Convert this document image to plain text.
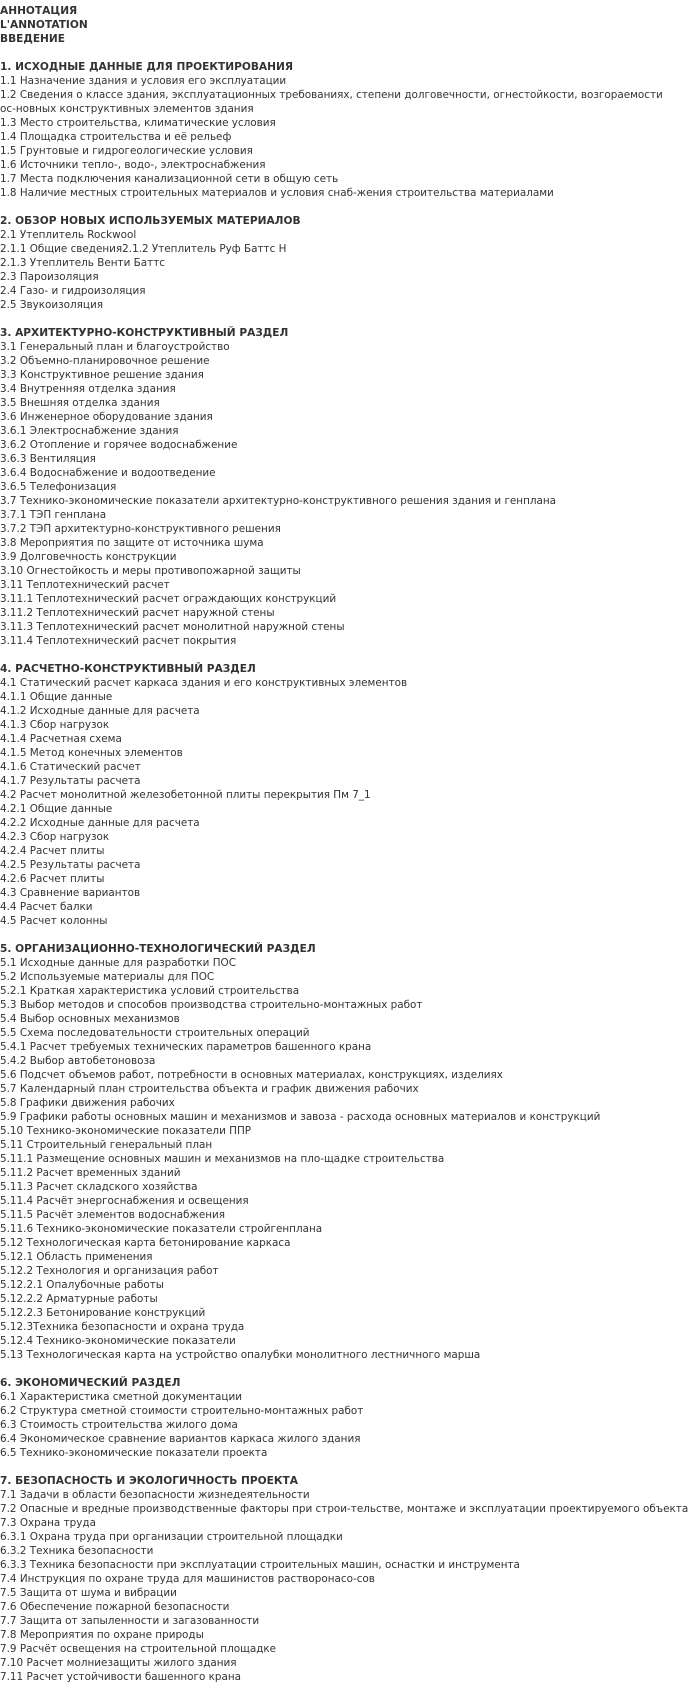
АННОТАЦИЯ
L'ANNOTATION
ВВЕДЕНИЕ
1. ИСХОДНЫЕ ДАННЫЕ ДЛЯ ПРОЕКТИРОВАНИЯ
1.1 Назначение здания и условия его эксплуатации
1.2 Сведения о классе здания, эксплуатационных требованиях, степени долговечности, огнестойкости, возгораемости
ос-новных конструктивных элементов здания
1.3 Место строительства, климатические условия
1.4 Площадка строительства и её рельеф
1.5 Грунтовые и гидрогеологические условия
1.6 Источники тепло-, водо-, электроснабжения
1.7 Места подключения канализационной сети в общую сеть
1.8 Наличие местных строительных материалов и условия снаб-жения строительства материалами
2. ОБЗОР НОВЫХ ИСПОЛЬЗУЕМЫХ МАТЕРИАЛОВ
2.1 Утеплитель Rockwool
2.1.1 Общие сведения2.1.2 Утеплитель Руф Баттс Н
2.1.3 Утеплитель Венти Баттс
2.3 Пароизоляция
2.4 Газо- и гидроизоляция
2.5 Звукоизоляция
3. АРХИТЕКТУРНО-КОНСТРУКТИВНЫЙ РАЗДЕЛ
3.1 Генеральный план и благоустройство
3.2 Объемно-планировочное решение
3.3 Конструктивное решение здания
3.4 Внутренняя отделка здания
3.5 Внешняя отделка здания
3.6 Инженерное оборудование здания
3.6.1 Электроснабжение здания
3.6.2 Отопление и горячее водоснабжение
3.6.3 Вентиляция
3.6.4 Водоснабжение и водоотведение
3.6.5 Телефонизация
3.7 Технико-экономические показатели архитектурно-конструктивного решения здания и генплана
3.7.1 ТЭП генплана
3.7.2 ТЭП архитектурно-конструктивного решения
3.8 Мероприятия по защите от источника шума
3.9 Долговечность конструкции
3.10 Огнестойкость и меры противопожарной защиты
3.11 Теплотехнический расчет
3.11.1 Теплотехнический расчет ограждающих конструкций
3.11.2 Теплотехнический расчет наружной стены
3.11.3 Теплотехнический расчет монолитной наружной стены
3.11.4 Теплотехнический расчет покрытия
4. РАСЧЕТНО-КОНСТРУКТИВНЫЙ РАЗДЕЛ
4.1 Статический расчет каркаса здания и его конструктивных элементов
4.1.1 Общие данные
4.1.2 Исходные данные для расчета
4.1.3 Сбор нагрузок
4.1.4 Расчетная схема
4.1.5 Метод конечных элементов
4.1.6 Статический расчет
4.1.7 Результаты расчета
4.2 Расчет монолитной железобетонной плиты перекрытия Пм 7_1
4.2.1 Общие данные
4.2.2 Исходные данные для расчета
4.2.3 Сбор нагрузок
4.2.4 Расчет плиты
4.2.5 Результаты расчета
4.2.6 Расчет плиты
4.3 Сравнение вариантов
4.4 Расчет балки
4.5 Расчет колонны
5. ОРГАНИЗАЦИОННО-ТЕХНОЛОГИЧЕСКИЙ РАЗДЕЛ
5.1 Исходные данные для разработки ПОС
5.2 Используемые материалы для ПОС
5.2.1 Краткая характеристика условий строительства
5.3 Выбор методов и способов производства строительно-монтажных работ
5.4 Выбор основных механизмов
5.5 Схема последовательности строительных операций
5.4.1 Расчет требуемых технических параметров башенного крана
5.4.2 Выбор автобетоновоза
5.6 Подсчет объемов работ, потребности в основных материалах, конструкциях, изделиях
5.7 Календарный план строительства объекта и график движения рабочих
5.8 Графики движения рабочих
5.9 Графики работы основных машин и механизмов и завоза - расхода основных материалов и конструкций
5.10 Технико-экономические показатели ППР
5.11 Строительный генеральный план
5.11.1 Размещение основных машин и механизмов на пло-щадке строительства
5.11.2 Расчет временных зданий
5.11.3 Расчет складского хозяйства
5.11.4 Расчёт энергоснабжения и освещения
5.11.5 Расчёт элементов водоснабжения
5.11.6 Технико-экономические показатели стройгенплана
5.12 Технологическая карта бетонирование каркаса
5.12.1 Область применения
5.12.2 Технология и организация работ
5.12.2.1 Опалубочные работы
5.12.2.2 Арматурные работы
5.12.2.3 Бетонирование конструкций
5.12.3Техника безопасности и охрана труда
5.12.4 Технико-экономические показатели
5.13 Технологическая карта на устройство опалубки монолитного лестничного марша
6. ЭКОНОМИЧЕСКИЙ РАЗДЕЛ
6.1 Характеристика сметной документации
6.2 Структура сметной стоимости строительно-монтажных работ
6.3 Стоимость строительства жилого дома
6.4 Экономическое сравнение вариантов каркаса жилого здания
6.5 Технико-экономические показатели проекта
7. БЕЗОПАСНОСТЬ И ЭКОЛОГИЧНОСТЬ ПРОЕКТА
7.1 Задачи в области безопасности жизнедеятельности
7.2 Опасные и вредные производственные факторы при строи-тельстве, монтаже и эксплуатации проектируемого объекта
7.3 Охрана труда
6.3.1 Охрана труда при организации строительной площадки
6.3.2 Техника безопасности
6.3.3 Техника безопасности при эксплуатации строительных машин, оснастки и инструмента
7.4 Инструкция по охране труда для машинистов растворонасо-сов
7.5 Защита от шума и вибрации
7.6 Обеспечение пожарной безопасности
7.7 Защита от запыленности и загазованности
7.8 Мероприятия по охране природы
7.9 Расчёт освещения на строительной площадке
7.10 Расчет молниезащиты жилого здания
7.11 Расчет устойчивости башенного крана
